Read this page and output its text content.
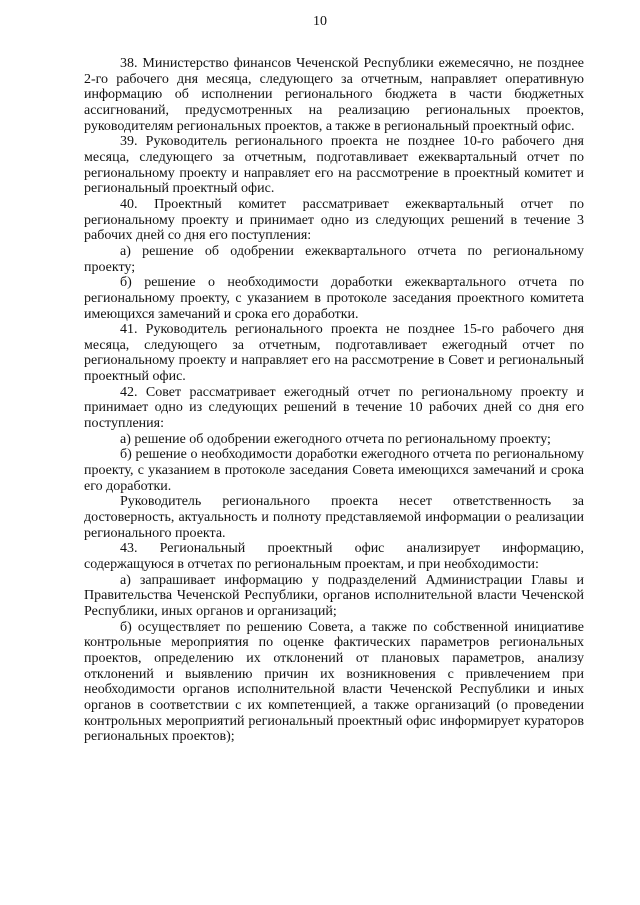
10

38. Министерство финансов Чеченской Республики ежемесячно, не позднее 2-го рабочего дня месяца, следующего за отчетным, направляет оперативную информацию об исполнении регионального бюджета в части бюджетных ассигнований, предусмотренных на реализацию региональных проектов, руководителям региональных проектов, а также в региональный проектный офис.

39. Руководитель регионального проекта не позднее 10-го рабочего дня месяца, следующего за отчетным, подготавливает ежеквартальный отчет по региональному проекту и направляет его на рассмотрение в проектный комитет и региональный проектный офис.

40. Проектный комитет рассматривает ежеквартальный отчет по региональному проекту и принимает одно из следующих решений в течение 3 рабочих дней со дня его поступления:

а) решение об одобрении ежеквартального отчета по региональному проекту;

б) решение о необходимости доработки ежеквартального отчета по региональному проекту, с указанием в протоколе заседания проектного комитета имеющихся замечаний и срока его доработки.

41. Руководитель регионального проекта не позднее 15-го рабочего дня месяца, следующего за отчетным, подготавливает ежегодный отчет по региональному проекту и направляет его на рассмотрение в Совет и региональный проектный офис.

42. Совет рассматривает ежегодный отчет по региональному проекту и принимает одно из следующих решений в течение 10 рабочих дней со дня его поступления:

а) решение об одобрении ежегодного отчета по региональному проекту;

б) решение о необходимости доработки ежегодного отчета по региональному проекту, с указанием в протоколе заседания Совета имеющихся замечаний и срока его доработки.

Руководитель регионального проекта несет ответственность за достоверность, актуальность и полноту представляемой информации о реализации регионального проекта.

43. Региональный проектный офис анализирует информацию, содержащуюся в отчетах по региональным проектам, и при необходимости:

а) запрашивает информацию у подразделений Администрации Главы и Правительства Чеченской Республики, органов исполнительной власти Чеченской Республики, иных органов и организаций;

б) осуществляет по решению Совета, а также по собственной инициативе контрольные мероприятия по оценке фактических параметров региональных проектов, определению их отклонений от плановых параметров, анализу отклонений и выявлению причин их возникновения с привлечением при необходимости органов исполнительной власти Чеченской Республики и иных органов в соответствии с их компетенцией, а также организаций (о проведении контрольных мероприятий региональный проектный офис информирует кураторов региональных проектов);
